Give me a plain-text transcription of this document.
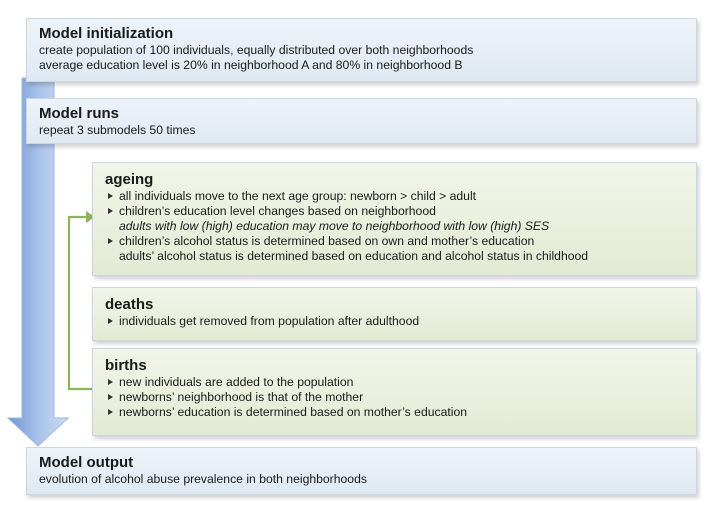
Model initialization
create population of 100 individuals, equally distributed over both neighborhoods
average education level is 20% in neighborhood A and 80% in neighborhood B
Model runs
repeat 3 submodels 50 times
ageing
all individuals move to the next age group: newborn > child > adult
children’s education level changes based on neighborhood
adults with low (high) education may move to neighborhood with low (high) SES
children’s alcohol status is determined based on own and mother’s education
adults’ alcohol status is determined based on education and alcohol status in childhood
deaths
individuals get removed from population after adulthood
births
new individuals are added to the population
newborns’ neighborhood is that of the mother
newborns’ education is determined based on mother’s education
Model output
evolution of alcohol abuse prevalence in both neighborhoods
